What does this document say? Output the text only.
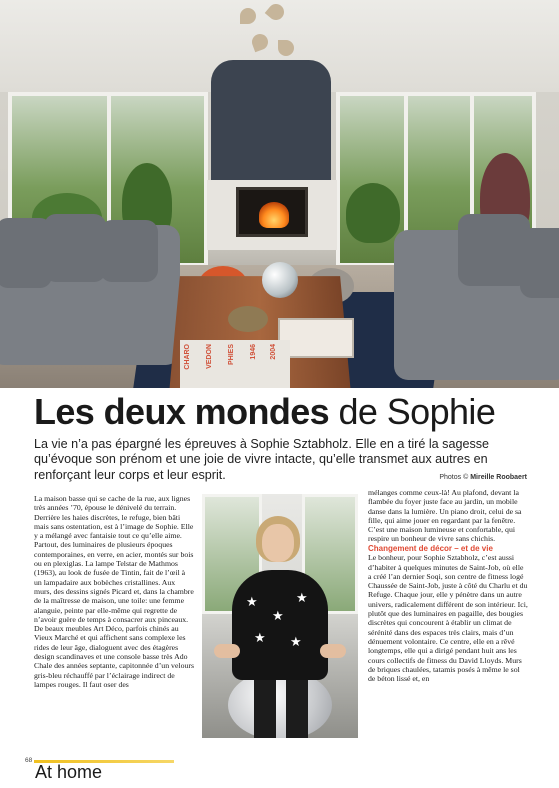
CHARO VEDON PHIES 1946 2004
Les deux mondes de Sophie

La vie n’a pas épargné les épreuves à Sophie Sztabholz. Elle en a tiré la sagesse qu’évoque son prénom et une joie de vivre intacte, qu’elle transmet aux autres en renforçant leur corps et leur esprit.	Photos © Mireille Roobaert

La maison basse qui se cache de la rue, aux lignes très années ’70, épouse le dénivelé du terrain. Derrière les haies discrètes, le refuge, bien bâti mais sans ostentation, est à l’image de Sophie. Elle y a mélangé avec fantaisie tout ce qu’elle aime. Partout, des luminaires de plusieurs époques contemporaines, en verre, en acier, montés sur bois ou en plexiglas. La lampe Telstar de Mathmos (1963), au look de fusée de Tintin, fait de l’œil à un lampadaire aux bobèches cristallines. Aux murs, des dessins signés Picard et, dans la chambre de la maîtresse de maison, une toile: une femme alanguie, peinte par elle-même qui regrette de n’avoir guère de temps à consacrer aux pinceaux. De beaux meubles Art Déco, parfois chinés au Vieux Marché et qui affichent sans complexe les rides de leur âge, dialoguent avec des étagères design scandinaves et une console basse très Ado Chale des années septante, capitonnée d’un velours gris-bleu réchauffé par l’éclairage indirect de lampes rouges. Il faut oser des

★
★
★
★ ★

mélanges comme ceux-là! Au plafond, devant la flambée du foyer juste face au jardin, un mobile danse dans la lumière. Un piano droit, celui de sa fille, qui aime jouer en regardant par la fenêtre. C’est une maison lumineuse et confortable, qui respire un bonheur de vivre sans chichis.

Changement de décor – et de vie

Le bonheur, pour Sophie Sztabholz, c’est aussi d’habiter à quelques minutes de Saint-Job, où elle a créé l’an dernier Soqi, son centre de fitness logé Chaussée de Saint-Job, juste à côté du Charlu et du Refuge. Chaque jour, elle y pénètre dans un autre univers, radicalement différent de son intérieur. Ici, plutôt que des luminaires en pagaille, des bougies discrètes qui concourent à établir un climat de sérénité dans des espaces très clairs, mais d’un dénuement volontaire. Ce centre, elle en a rêvé longtemps, elle qui a dirigé pendant huit ans les cours collectifs de fitness du David Lloyds. Murs de briques chaulées, tatamis posés à même le sol de béton lissé et, en

68
At home
